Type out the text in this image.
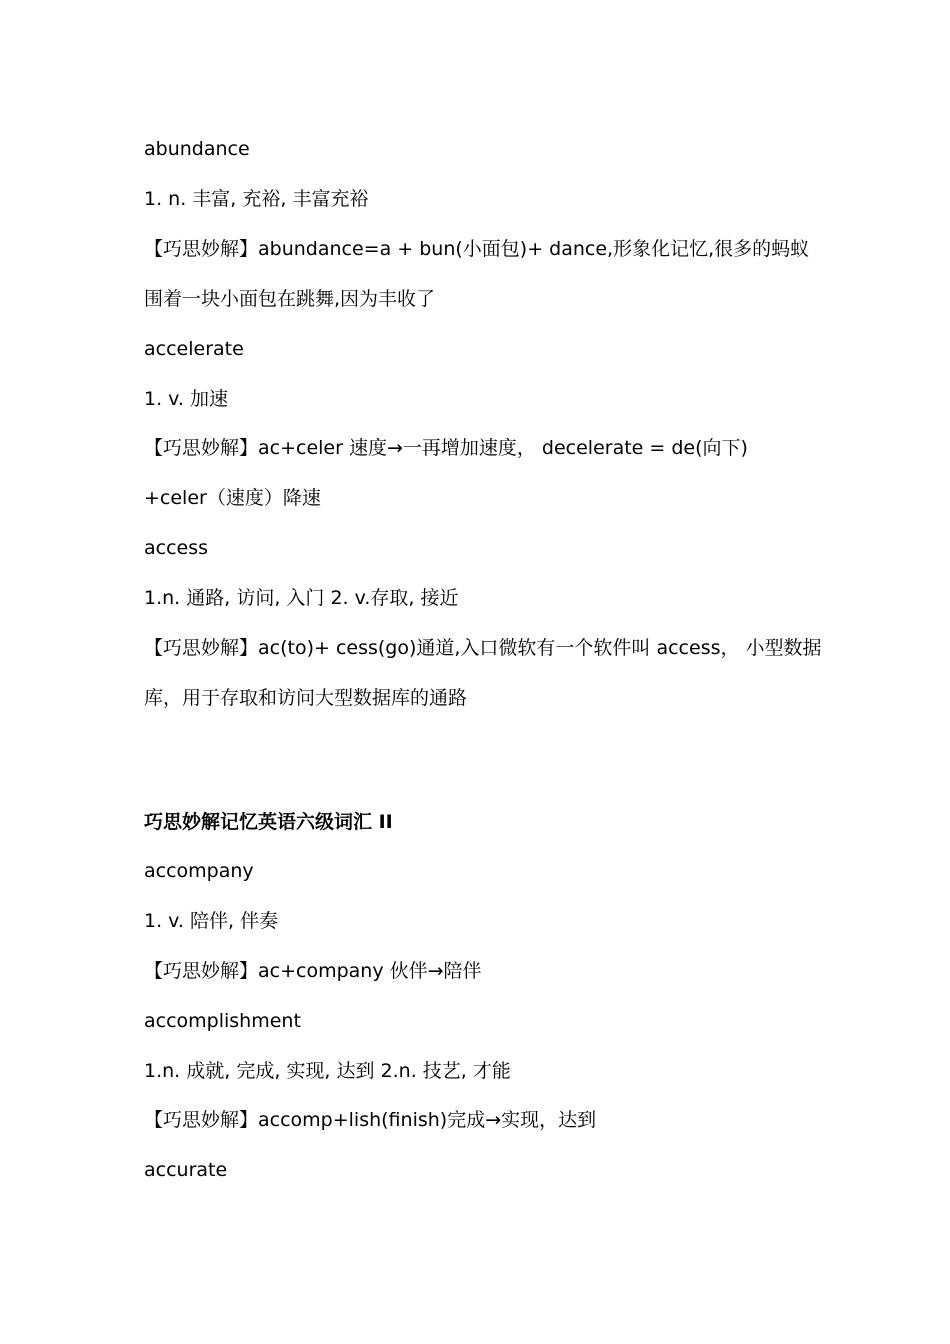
abundance
1. n. 丰富, 充裕, 丰富充裕
【巧思妙解】abundance=a + bun(小面包)+ dance,形象化记忆,很多的蚂蚁
围着一块小面包在跳舞,因为丰收了
accelerate
1. v. 加速
【巧思妙解】ac+celer 速度→一再增加速度， decelerate = de(向下)
+celer（速度）降速
access
1.n. 通路, 访问, 入门 2. v.存取, 接近
【巧思妙解】ac(to)+ cess(go)通道,入口微软有一个软件叫 access， 小型数据
库，用于存取和访问大型数据库的通路
巧思妙解记忆英语六级词汇 II
accompany
1. v. 陪伴, 伴奏
【巧思妙解】ac+company 伙伴→陪伴
accomplishment
1.n. 成就, 完成, 实现, 达到 2.n. 技艺, 才能
【巧思妙解】accomp+lish(finish)完成→实现，达到
accurate
